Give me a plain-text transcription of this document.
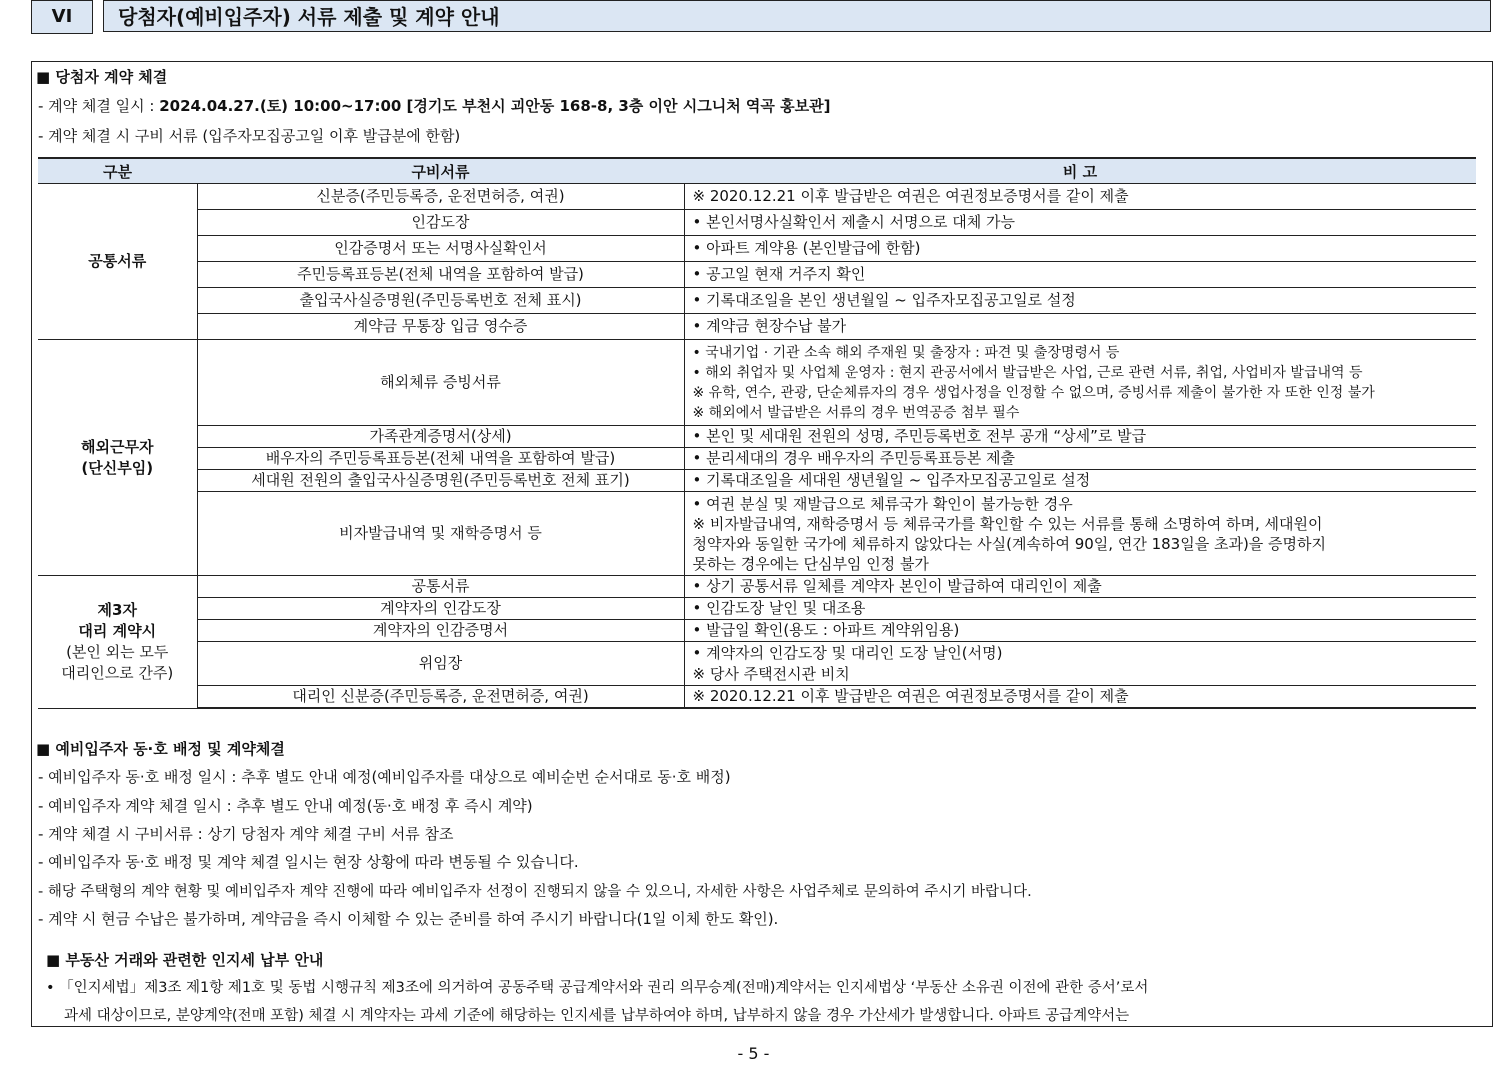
VI	당첨자(예비입주자) 서류 제출 및 계약 안내
■ 당첨자 계약 체결
- 계약 체결 일시 : 2024.04.27.(토) 10:00~17:00 [경기도 부천시 괴안동 168-8, 3층 이안 시그니처 역곡 홍보관]
- 계약 체결 시 구비 서류 (입주자모집공고일 이후 발급분에 한함)
구분	구비서류	비 고
공통서류	신분증(주민등록증, 운전면허증, 여권)	※ 2020.12.21 이후 발급받은 여권은 여권정보증명서를 같이 제출
	인감도장	• 본인서명사실확인서 제출시 서명으로 대체 가능
	인감증명서 또는 서명사실확인서	• 아파트 계약용 (본인발급에 한함)
	주민등록표등본(전체 내역을 포함하여 발급)	• 공고일 현재 거주지 확인
	출입국사실증명원(주민등록번호 전체 표시)	• 기록대조일을 본인 생년월일 ~ 입주자모집공고일로 설정
	계약금 무통장 입금 영수증	• 계약금 현장수납 불가

해외근무자
(단신부임)	해외체류 증빙서류	• 국내기업 · 기관 소속 해외 주재원 및 출장자 : 파견 및 출장명령서 등
• 해외 취업자 및 사업체 운영자 : 현지 관공서에서 발급받은 사업, 근로 관련 서류, 취업, 사업비자 발급내역 등
※ 유학, 연수, 관광, 단순체류자의 경우 생업사정을 인정할 수 없으며, 증빙서류 제출이 불가한 자 또한 인정 불가
※ 해외에서 발급받은 서류의 경우 번역공증 첨부 필수

	가족관계증명서(상세)	• 본인 및 세대원 전원의 성명, 주민등록번호 전부 공개 “상세”로 발급
	배우자의 주민등록표등본(전체 내역을 포함하여 발급)	• 분리세대의 경우 배우자의 주민등록표등본 제출
	세대원 전원의 출입국사실증명원(주민등록번호 전체 표기)	• 기록대조일을 세대원 생년월일 ~ 입주자모집공고일로 설정
	비자발급내역 및 재학증명서 등	• 여권 분실 및 재발급으로 체류국가 확인이 불가능한 경우
※ 비자발급내역, 재학증명서 등 체류국가를 확인할 수 있는 서류를 통해 소명하여 하며, 세대원이
청약자와 동일한 국가에 체류하지 않았다는 사실(계속하여 90일, 연간 183일을 초과)을 증명하지
못하는 경우에는 단심부임 인정 불가

제3자
대리 계약시
(본인 외는 모두
대리인으로 간주)	공통서류	• 상기 공통서류 일체를 계약자 본인이 발급하여 대리인이 제출
	계약자의 인감도장	• 인감도장 날인 및 대조용
	계약자의 인감증명서	• 발급일 확인(용도 : 아파트 계약위임용)
	위임장	• 계약자의 인감도장 및 대리인 도장 날인(서명)
※ 당사 주택전시관 비치

	대리인 신분증(주민등록증, 운전면허증, 여권)	※ 2020.12.21 이후 발급받은 여권은 여권정보증명서를 같이 제출
■ 예비입주자 동·호 배정 및 계약체결
- 예비입주자 동·호 배정 일시 : 추후 별도 안내 예정(예비입주자를 대상으로 예비순번 순서대로 동·호 배정)
- 예비입주자 계약 체결 일시 : 추후 별도 안내 예정(동·호 배정 후 즉시 계약)
- 계약 체결 시 구비서류 : 상기 당첨자 계약 체결 구비 서류 참조
- 예비입주자 동·호 배정 및 계약 체결 일시는 현장 상황에 따라 변동될 수 있습니다.
- 해당 주택형의 계약 현황 및 예비입주자 계약 진행에 따라 예비입주자 선정이 진행되지 않을 수 있으니, 자세한 사항은 사업주체로 문의하여 주시기 바랍니다.
- 계약 시 현금 수납은 불가하며, 계약금을 즉시 이체할 수 있는 준비를 하여 주시기 바랍니다(1일 이체 한도 확인).
■ 부동산 거래와 관련한 인지세 납부 안내
• 「인지세법」제3조 제1항 제1호 및 동법 시행규칙 제3조에 의거하여 공동주택 공급계약서와 권리 의무승계(전매)계약서는 인지세법상 ‘부동산 소유권 이전에 관한 증서’로서
과세 대상이므로, 분양계약(전매 포함) 체결 시 계약자는 과세 기준에 해당하는 인지세를 납부하여야 하며, 납부하지 않을 경우 가산세가 발생합니다. 아파트 공급계약서는
- 5 -
